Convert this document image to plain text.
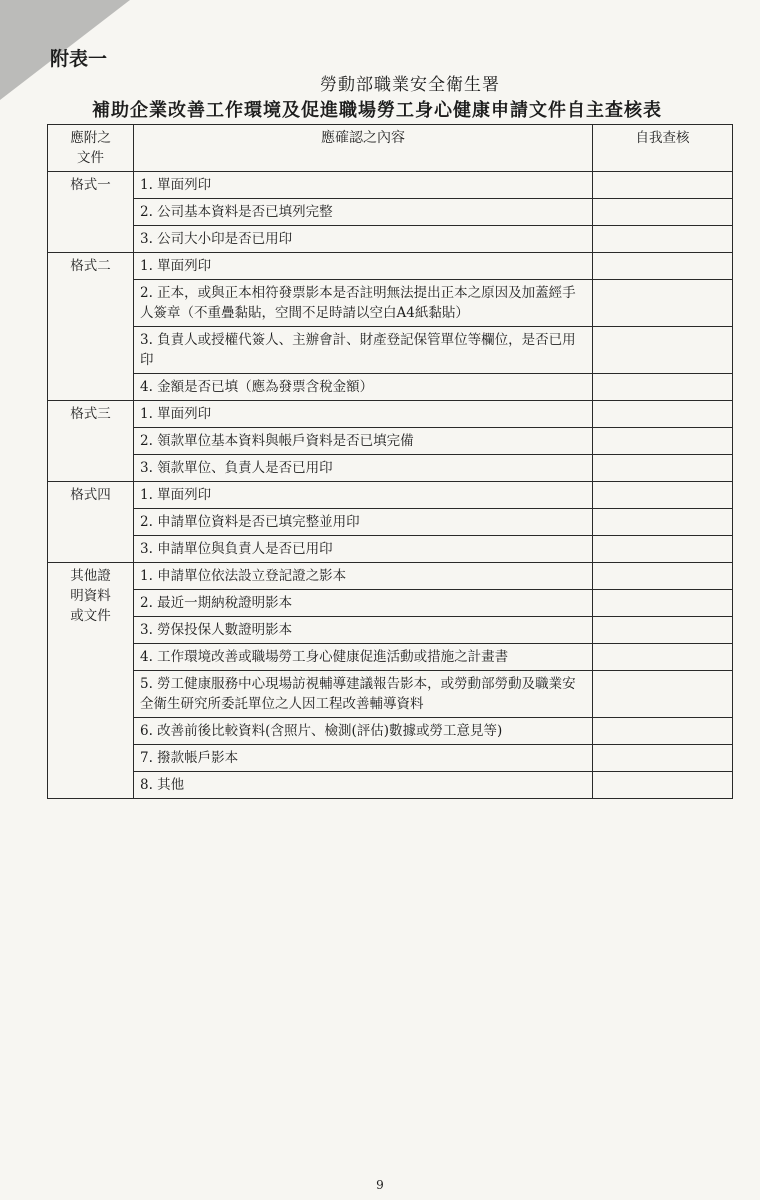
附表一
勞動部職業安全衛生署
補助企業改善工作環境及促進職場勞工身心健康申請文件自主查核表
應附之
文件	應確認之內容	自我查核
格式一	1. 單面列印	
	2. 公司基本資料是否已填列完整	
	3. 公司大小印是否已用印	
格式二	1. 單面列印	
	2. 正本，或與正本相符發票影本是否註明無法提出正本之原因及加蓋經手人簽章（不重疊黏貼，空間不足時請以空白A4紙黏貼）	
	3. 負責人或授權代簽人、主辦會計、財產登記保管單位等欄位，是否已用印	
	4. 金額是否已填（應為發票含稅金額）	
格式三	1. 單面列印	
	2. 領款單位基本資料與帳戶資料是否已填完備	
	3. 領款單位、負責人是否已用印	
格式四	1. 單面列印	
	2. 申請單位資料是否已填完整並用印	
	3. 申請單位與負責人是否已用印	

其他證
明資料
或文件	1. 申請單位依法設立登記證之影本	
	2. 最近一期納稅證明影本	
	3. 勞保投保人數證明影本	
	4. 工作環境改善或職場勞工身心健康促進活動或措施之計畫書	
	5. 勞工健康服務中心現場訪視輔導建議報告影本，或勞動部勞動及職業安全衛生研究所委託單位之人因工程改善輔導資料	
	6. 改善前後比較資料(含照片、檢測(評估)數據或勞工意見等)	
	7. 撥款帳戶影本	
	8. 其他	
9
